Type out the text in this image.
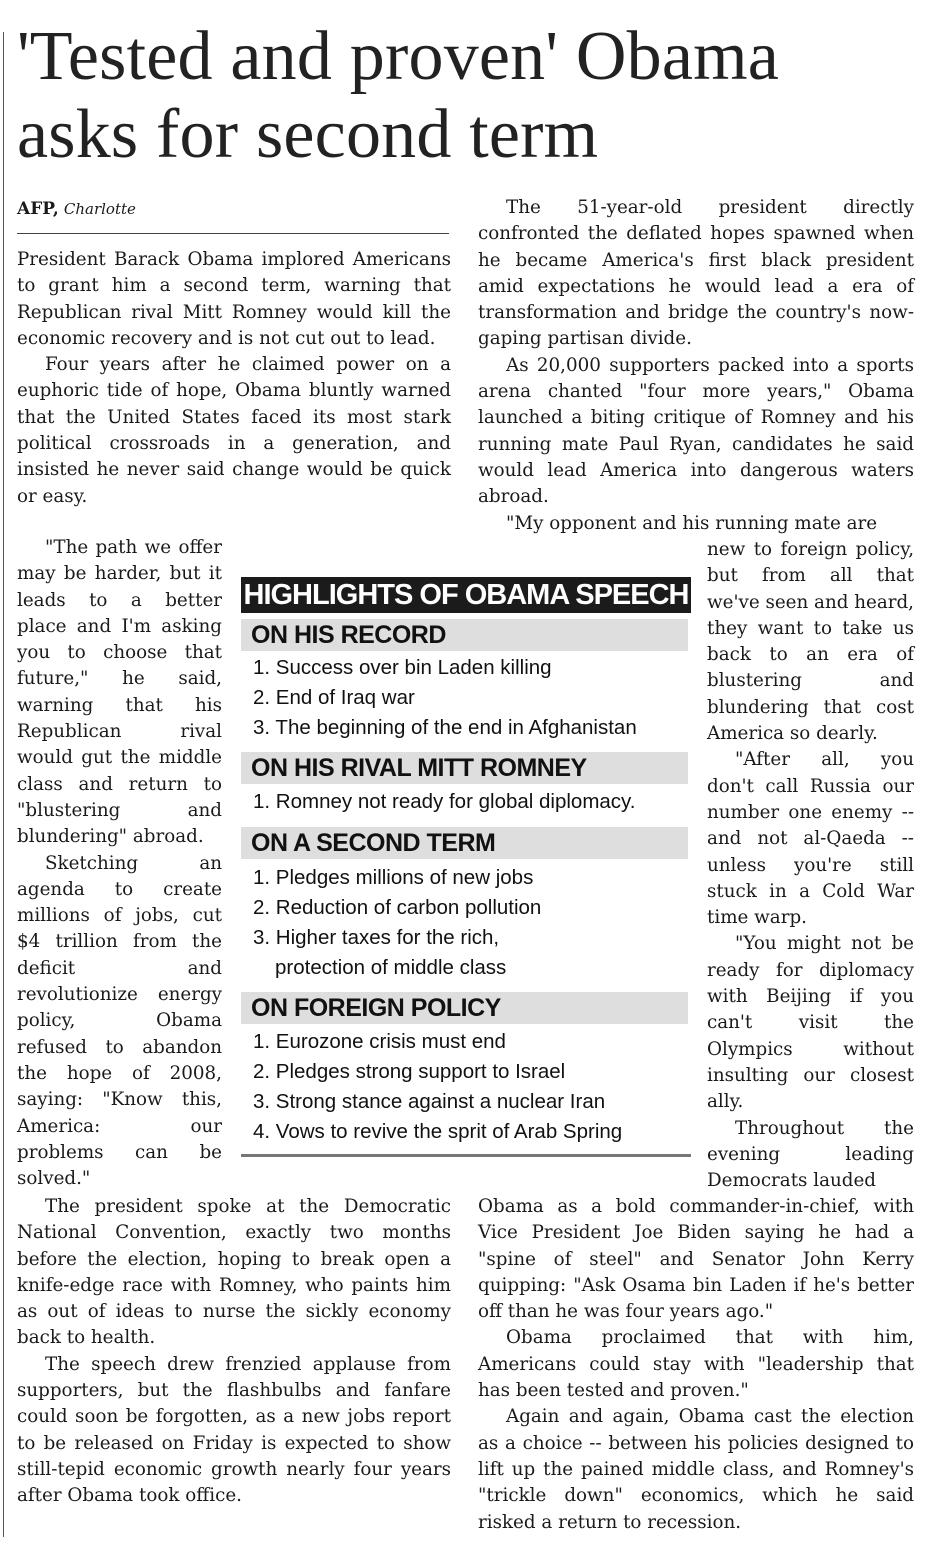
'Tested and proven' Obama asks for second term
AFP, Charlotte

President Barack Obama implored Americans to grant him a second term, warning that Republican rival Mitt Romney would kill the economic recovery and is not cut out to lead.

Four years after he claimed power on a euphoric tide of hope, Obama bluntly warned that the United States faced its most stark political crossroads in a generation, and insisted he never said change would be quick or easy.

"The path we offer may be harder, but it leads to a better place and I'm asking you to choose that future," he said, warning that his Republican rival would gut the middle class and return to "blustering and blundering" abroad.

Sketching an agenda to create millions of jobs, cut $4 trillion from the deficit and revolutionize energy policy, Obama refused to abandon the hope of 2008, saying: "Know this, America: our problems can be solved."

The 51-year-old president directly confronted the deflated hopes spawned when he became America's first black president amid expectations he would lead a era of transformation and bridge the country's now-gaping partisan divide.

As 20,000 supporters packed into a sports arena chanted "four more years," Obama launched a biting critique of Romney and his running mate Paul Ryan, candidates he said would lead America into dangerous waters abroad.

"My opponent and his running mate are

new to foreign policy, but from all that we've seen and heard, they want to take us back to an era of blustering and blundering that cost America so dearly.

"After all, you don't call Russia our number one enemy -- and not al-Qaeda -- unless you're still stuck in a Cold War time warp.

"You might not be ready for diplomacy with Beijing if you can't visit the Olympics without insulting our closest ally.

Throughout the evening leading Democrats lauded

HIGHLIGHTS OF OBAMA SPEECH
ON HIS RECORD
1. Success over bin Laden killing
2. End of Iraq war
3. The beginning of the end in Afghanistan
ON HIS RIVAL MITT ROMNEY
1. Romney not ready for global diplomacy.
ON A SECOND TERM
1. Pledges millions of new jobs
2. Reduction of carbon pollution
3. Higher taxes for the rich,
protection of middle class
ON FOREIGN POLICY
1. Eurozone crisis must end
2. Pledges strong support to Israel
3. Strong stance against a nuclear Iran
4. Vows to revive the sprit of Arab Spring

The president spoke at the Democratic National Convention, exactly two months before the election, hoping to break open a knife-edge race with Romney, who paints him as out of ideas to nurse the sickly economy back to health.

The speech drew frenzied applause from supporters, but the flashbulbs and fanfare could soon be forgotten, as a new jobs report to be released on Friday is expected to show still-tepid economic growth nearly four years after Obama took office.

Obama as a bold commander-in-chief, with Vice President Joe Biden saying he had a "spine of steel" and Senator John Kerry quipping: "Ask Osama bin Laden if he's better off than he was four years ago."

Obama proclaimed that with him, Americans could stay with "leadership that has been tested and proven."

Again and again, Obama cast the election as a choice -- between his policies designed to lift up the pained middle class, and Romney's "trickle down" economics, which he said risked a return to recession.
